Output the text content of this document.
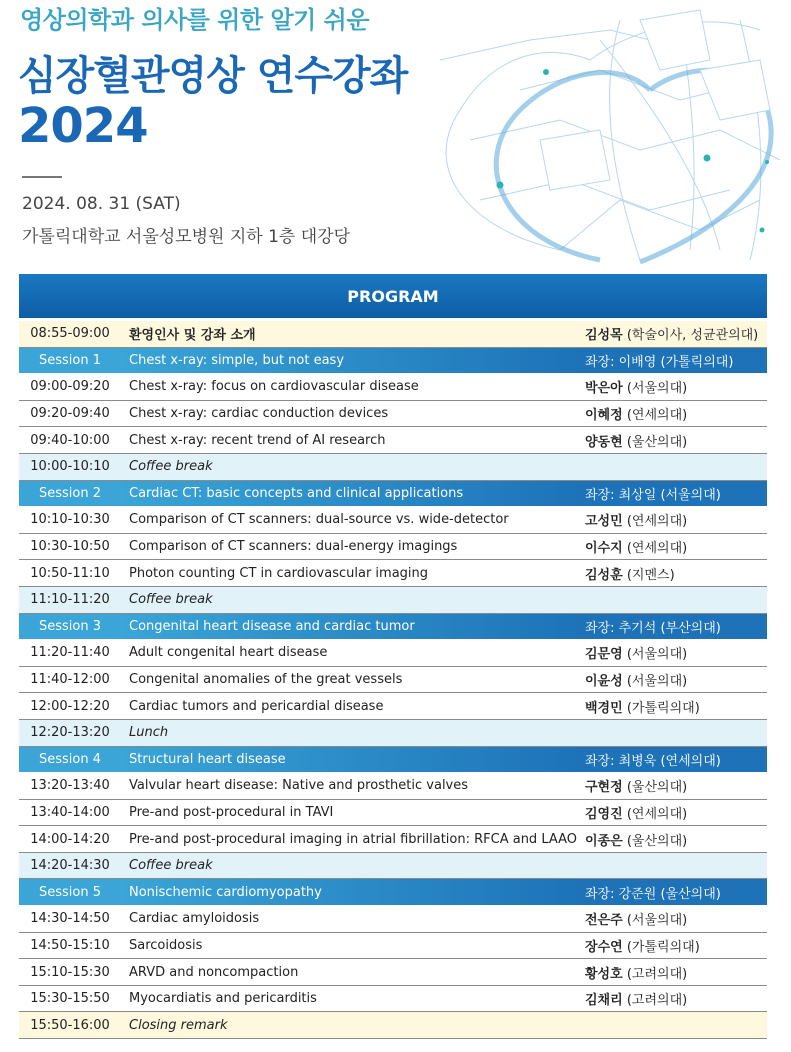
영상의학과 의사를 위한 알기 쉬운
심장혈관영상 연수강좌
2024
2024. 08. 31 (SAT)
가톨릭대학교 서울성모병원 지하 1층 대강당
PROGRAM
08:55-09:00	환영인사 및 강좌 소개	김성목 (학술이사, 성균관의대)
Session 1	Chest x-ray: simple, but not easy	좌장: 이배영
(가톨릭의대)
09:00-09:20	Chest x-ray: focus on cardiovascular disease	박은아 (서울의대)
09:20-09:40	Chest x-ray: cardiac conduction devices	이혜정 (연세의대)
09:40-10:00	Chest x-ray: recent trend of AI research	양동현 (울산의대)
10:00-10:10	Coffee break
Session 2	Cardiac CT: basic concepts and clinical applications	좌장: 최상일
(서울의대)
10:10-10:30	Comparison of CT scanners: dual-source vs. wide-detector	고성민 (연세의대)
10:30-10:50	Comparison of CT scanners: dual-energy imagings	이수지 (연세의대)
10:50-11:10	Photon counting CT in cardiovascular imaging	김성훈 (지멘스)
11:10-11:20	Coffee break
Session 3	Congenital heart disease and cardiac tumor	좌장: 추기석
(부산의대)
11:20-11:40	Adult congenital heart disease	김문영 (서울의대)
11:40-12:00	Congenital anomalies of the great vessels	이윤성 (서울의대)
12:00-12:20	Cardiac tumors and pericardial disease	백경민 (가톨릭의대)
12:20-13:20	Lunch
Session 4	Structural heart disease	좌장: 최병욱
(연세의대)
13:20-13:40	Valvular heart disease: Native and prosthetic valves	구현정 (울산의대)
13:40-14:00	Pre-and post-procedural in TAVI	김영진 (연세의대)
14:00-14:20	Pre-and post-procedural imaging in atrial fibrillation: RFCA and LAAO 이종은 (울산의대)
14:20-14:30	Coffee break
Session 5	Nonischemic cardiomyopathy	좌장: 강준원
(울산의대)
14:30-14:50	Cardiac amyloidosis	전은주 (서울의대)
14:50-15:10	Sarcoidosis	장수연 (가톨릭의대)
15:10-15:30	ARVD and noncompaction	황성호 (고려의대)
15:30-15:50	Myocardiatis and pericarditis	김채리 (고려의대)
15:50-16:00	Closing remark
